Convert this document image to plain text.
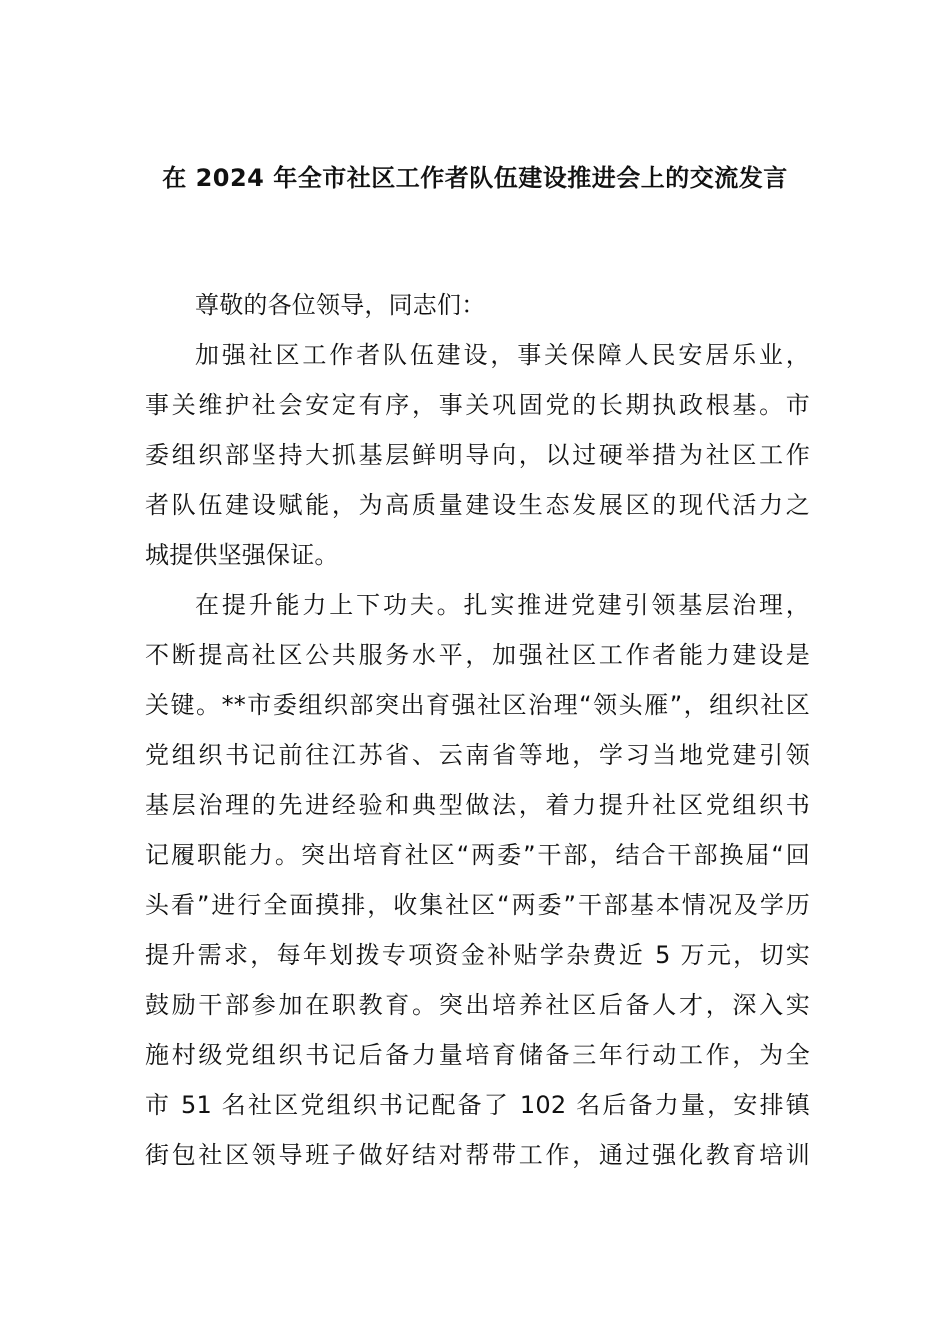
在 2024 年全市社区工作者队伍建设推进会上的交流发言
尊敬的各位领导，同志们：
加强社区工作者队伍建设，事关保障人民安居乐业，
事关维护社会安定有序，事关巩固党的长期执政根基。市
委组织部坚持大抓基层鲜明导向，以过硬举措为社区工作
者队伍建设赋能，为高质量建设生态发展区的现代活力之
城提供坚强保证。
在提升能力上下功夫。扎实推进党建引领基层治理，
不断提高社区公共服务水平，加强社区工作者能力建设是
关键。**市委组织部突出育强社区治理“领头雁”，组织社区
党组织书记前往江苏省、云南省等地，学习当地党建引领
基层治理的先进经验和典型做法，着力提升社区党组织书
记履职能力。突出培育社区“两委”干部，结合干部换届“回
头看”进行全面摸排，收集社区“两委”干部基本情况及学历
提升需求，每年划拨专项资金补贴学杂费近 5 万元，切实
鼓励干部参加在职教育。突出培养社区后备人才，深入实
施村级党组织书记后备力量培育储备三年行动工作，为全
市 51 名社区党组织书记配备了 102 名后备力量，安排镇
街包社区领导班子做好结对帮带工作，通过强化教育培训
